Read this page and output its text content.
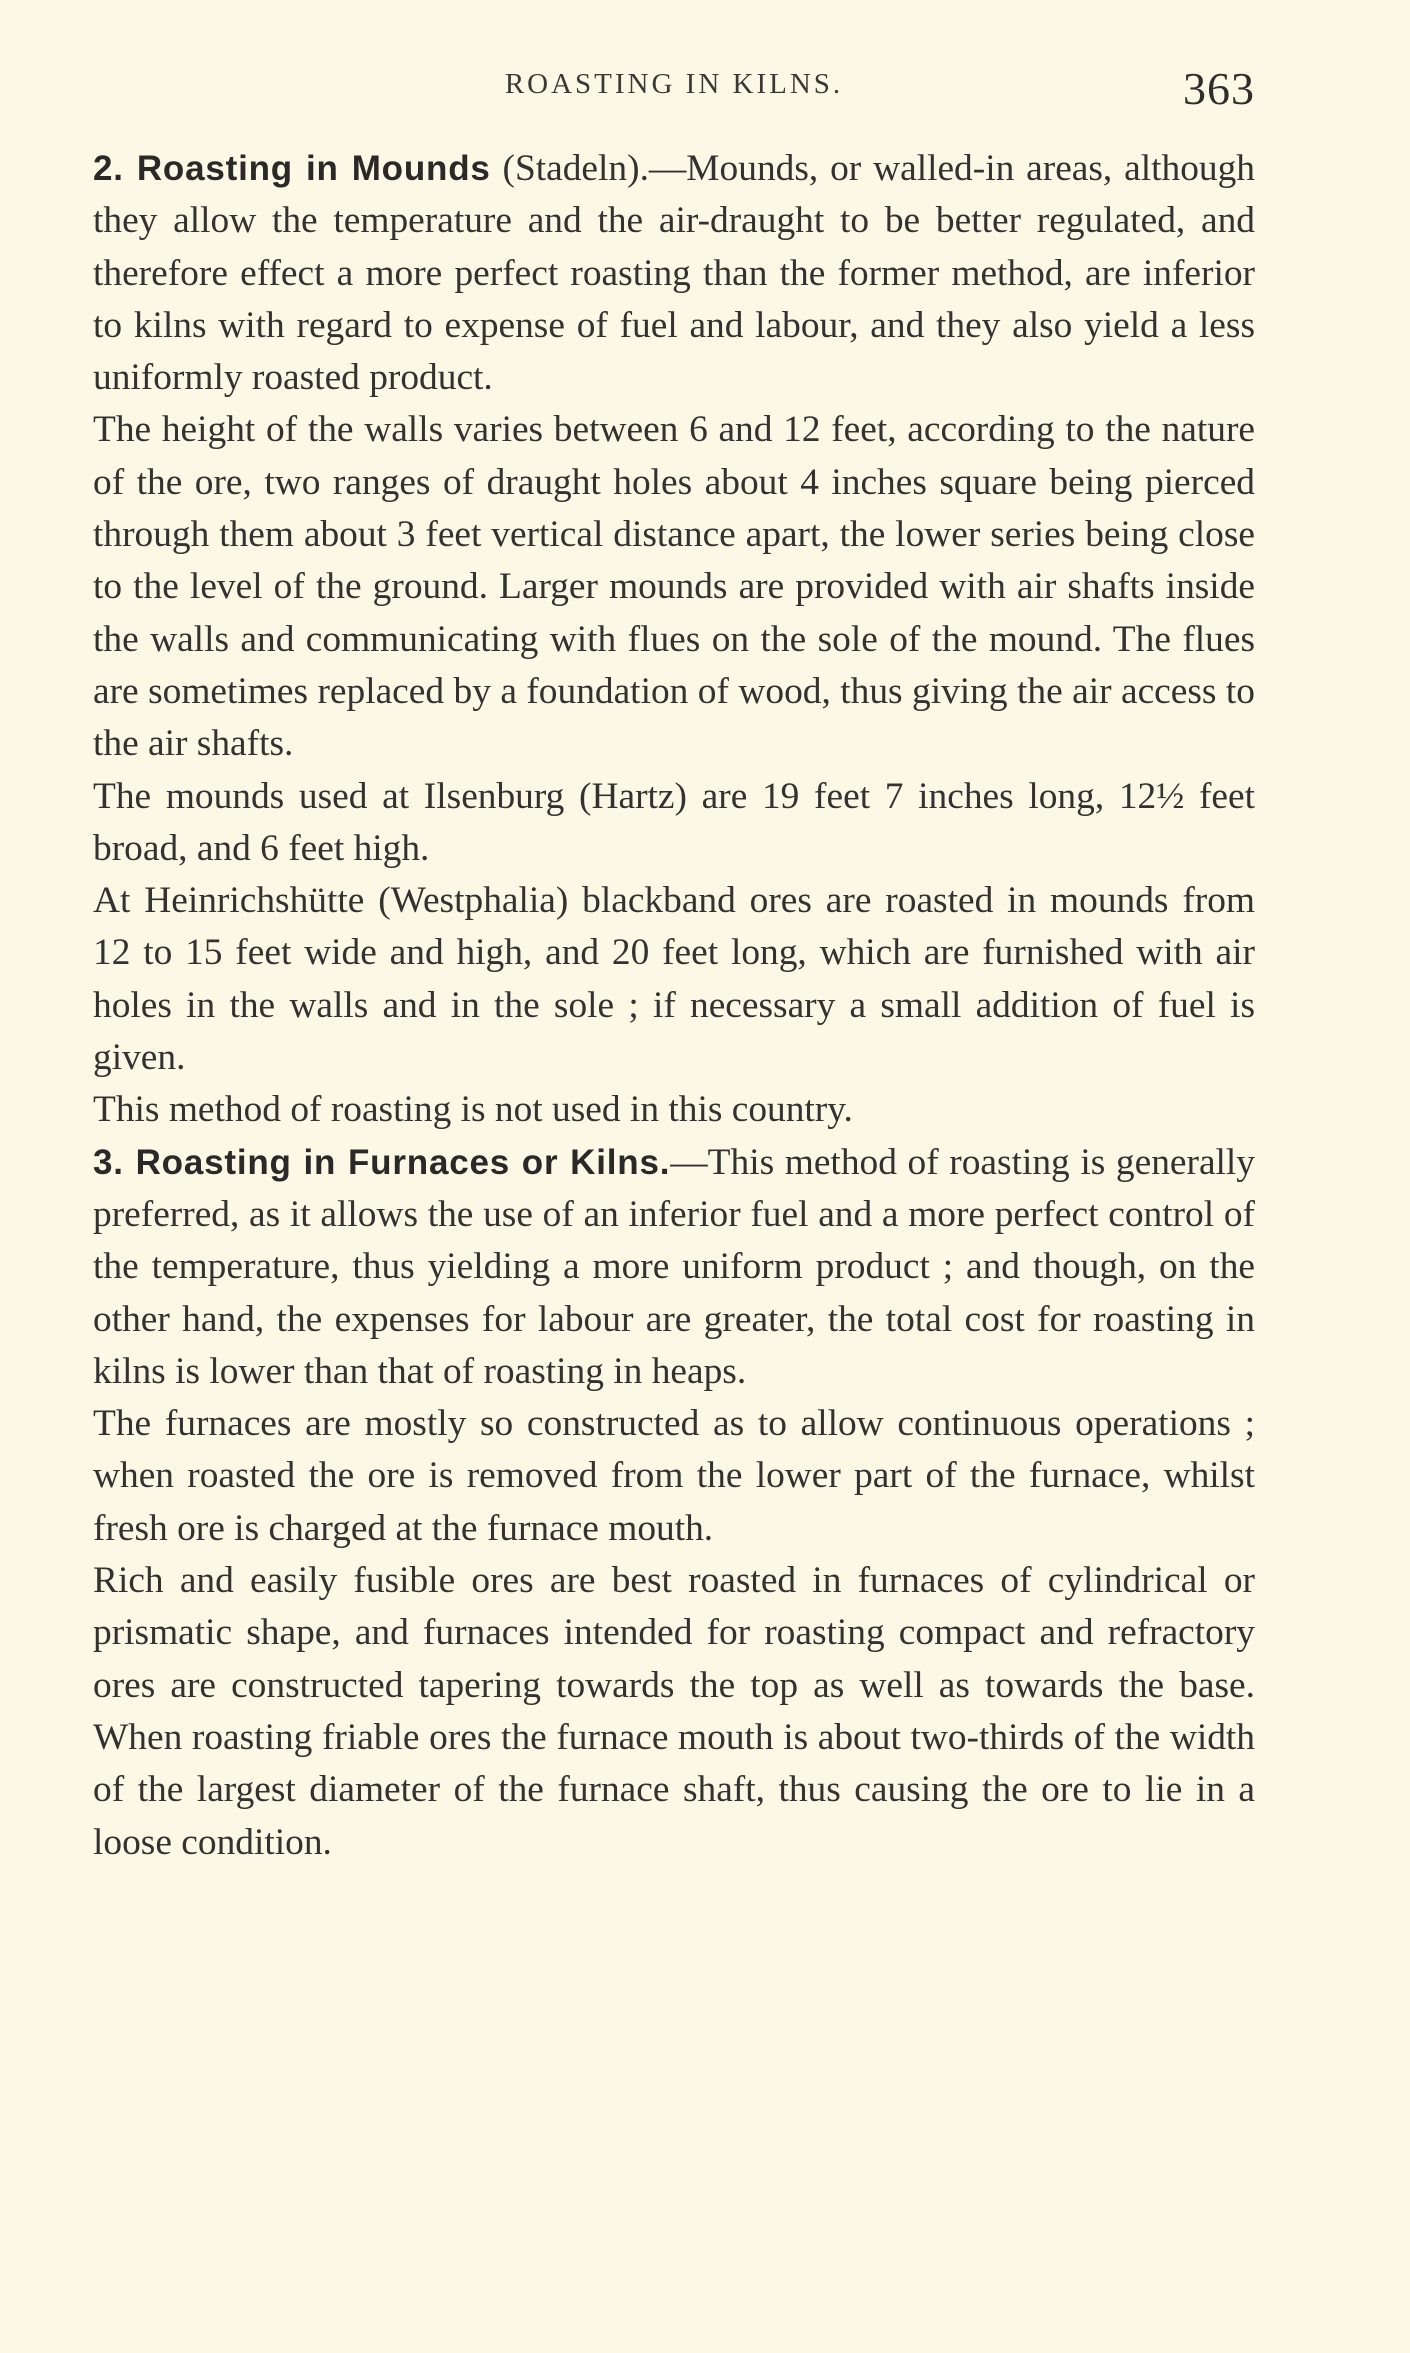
ROASTING IN KILNS.	363

2. Roasting in Mounds (Stadeln).—Mounds, or walled-in areas, although they allow the temperature and the air-draught to be better regulated, and therefore effect a more perfect roasting than the former method, are inferior to kilns with regard to expense of fuel and labour, and they also yield a less uniformly roasted product.

The height of the walls varies between 6 and 12 feet, according to the nature of the ore, two ranges of draught holes about 4 inches square being pierced through them about 3 feet vertical distance apart, the lower series being close to the level of the ground. Larger mounds are provided with air shafts inside the walls and communicating with flues on the sole of the mound. The flues are sometimes replaced by a foundation of wood, thus giving the air access to the air shafts.

The mounds used at Ilsenburg (Hartz) are 19 feet 7 inches long, 12½ feet broad, and 6 feet high.

At Heinrichshütte (Westphalia) blackband ores are roasted in mounds from 12 to 15 feet wide and high, and 20 feet long, which are furnished with air holes in the walls and in the sole ; if necessary a small addition of fuel is given.

This method of roasting is not used in this country.

3. Roasting in Furnaces or Kilns.—This method of roasting is generally preferred, as it allows the use of an inferior fuel and a more perfect control of the temperature, thus yielding a more uniform product ; and though, on the other hand, the expenses for labour are greater, the total cost for roasting in kilns is lower than that of roasting in heaps.

The furnaces are mostly so constructed as to allow continuous operations ; when roasted the ore is removed from the lower part of the furnace, whilst fresh ore is charged at the furnace mouth.

Rich and easily fusible ores are best roasted in furnaces of cylindrical or prismatic shape, and furnaces intended for roasting compact and refractory ores are constructed tapering towards the top as well as towards the base. When roasting friable ores the furnace mouth is about two-thirds of the width of the largest diameter of the furnace shaft, thus causing the ore to lie in a loose condition.
